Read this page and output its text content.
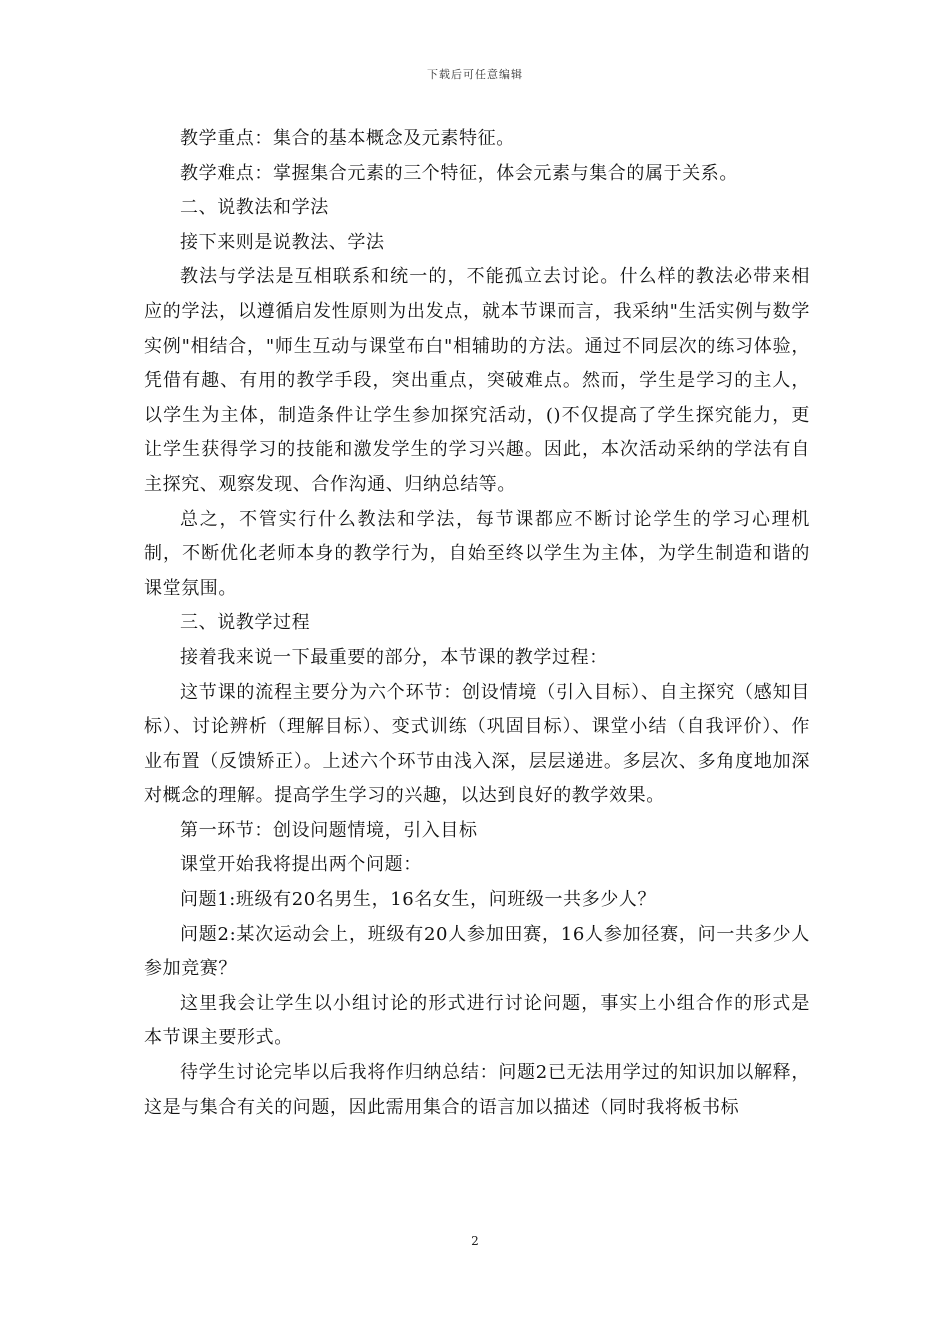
下载后可任意编辑

教学重点：集合的基本概念及元素特征。

教学难点：掌握集合元素的三个特征，体会元素与集合的属于关系。

二、说教法和学法

接下来则是说教法、学法

教法与学法是互相联系和统一的，不能孤立去讨论。什么样的教法必带来相应的学法，以遵循启发性原则为出发点，就本节课而言，我采纳"生活实例与数学实例"相结合，"师生互动与课堂布白"相辅助的方法。通过不同层次的练习体验，凭借有趣、有用的教学手段，突出重点，突破难点。然而，学生是学习的主人，以学生为主体，制造条件让学生参加探究活动，()不仅提高了学生探究能力，更让学生获得学习的技能和激发学生的学习兴趣。因此，本次活动采纳的学法有自主探究、观察发现、合作沟通、归纳总结等。

总之，不管实行什么教法和学法，每节课都应不断讨论学生的学习心理机制，不断优化老师本身的教学行为，自始至终以学生为主体，为学生制造和谐的课堂氛围。

三、说教学过程

接着我来说一下最重要的部分，本节课的教学过程：

这节课的流程主要分为六个环节：创设情境（引入目标）、自主探究（感知目标）、讨论辨析（理解目标）、变式训练（巩固目标）、课堂小结（自我评价）、作业布置（反馈矫正）。上述六个环节由浅入深，层层递进。多层次、多角度地加深对概念的理解。提高学生学习的兴趣，以达到良好的教学效果。

第一环节：创设问题情境，引入目标

课堂开始我将提出两个问题：

问题1:班级有20名男生，16名女生，问班级一共多少人？

问题2:某次运动会上，班级有20人参加田赛，16人参加径赛，问一共多少人参加竞赛？

这里我会让学生以小组讨论的形式进行讨论问题，事实上小组合作的形式是本节课主要形式。

待学生讨论完毕以后我将作归纳总结：问题2已无法用学过的知识加以解释，这是与集合有关的问题，因此需用集合的语言加以描述（同时我将板书标

2
